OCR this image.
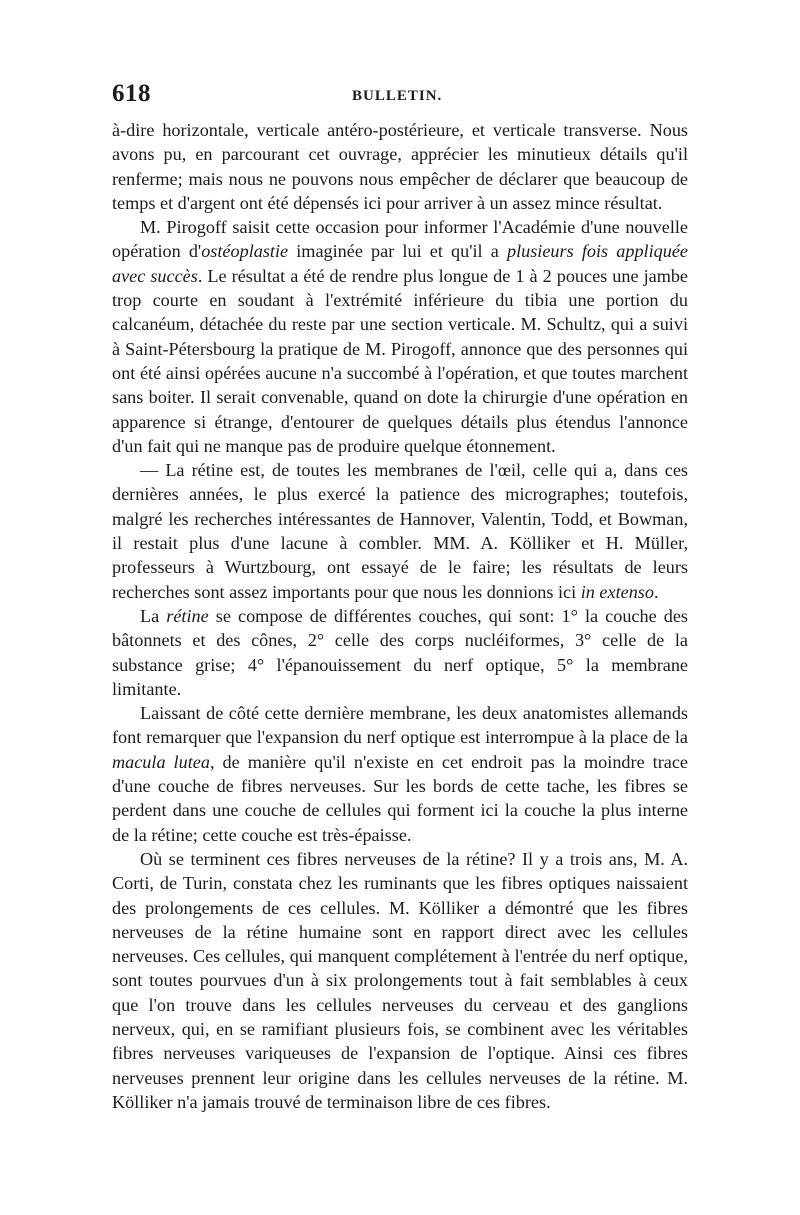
618	BULLETIN.

à-dire horizontale, verticale antéro-postérieure, et verticale transverse. Nous avons pu, en parcourant cet ouvrage, apprécier les minutieux détails qu'il renferme; mais nous ne pouvons nous empêcher de déclarer que beaucoup de temps et d'argent ont été dépensés ici pour arriver à un assez mince résultat.

M. Pirogoff saisit cette occasion pour informer l'Académie d'une nouvelle opération d'ostéoplastie imaginée par lui et qu'il a plusieurs fois appliquée avec succès. Le résultat a été de rendre plus longue de 1 à 2 pouces une jambe trop courte en soudant à l'extrémité inférieure du tibia une portion du calcanéum, détachée du reste par une section verticale. M. Schultz, qui a suivi à Saint-Pétersbourg la pratique de M. Pirogoff, annonce que des personnes qui ont été ainsi opérées aucune n'a succombé à l'opération, et que toutes marchent sans boiter. Il serait convenable, quand on dote la chirurgie d'une opération en apparence si étrange, d'entourer de quelques détails plus étendus l'annonce d'un fait qui ne manque pas de produire quelque étonnement.

— La rétine est, de toutes les membranes de l'œil, celle qui a, dans ces dernières années, le plus exercé la patience des micrographes; toutefois, malgré les recherches intéressantes de Hannover, Valentin, Todd, et Bowman, il restait plus d'une lacune à combler. MM. A. Kölliker et H. Müller, professeurs à Wurtzbourg, ont essayé de le faire; les résultats de leurs recherches sont assez importants pour que nous les donnions ici in extenso.

La rétine se compose de différentes couches, qui sont: 1° la couche des bâtonnets et des cônes, 2° celle des corps nucléiformes, 3° celle de la substance grise; 4° l'épanouissement du nerf optique, 5° la membrane limitante.

Laissant de côté cette dernière membrane, les deux anatomistes allemands font remarquer que l'expansion du nerf optique est interrompue à la place de la macula lutea, de manière qu'il n'existe en cet endroit pas la moindre trace d'une couche de fibres nerveuses. Sur les bords de cette tache, les fibres se perdent dans une couche de cellules qui forment ici la couche la plus interne de la rétine; cette couche est très-épaisse.

Où se terminent ces fibres nerveuses de la rétine? Il y a trois ans, M. A. Corti, de Turin, constata chez les ruminants que les fibres optiques naissaient des prolongements de ces cellules. M. Kölliker a démontré que les fibres nerveuses de la rétine humaine sont en rapport direct avec les cellules nerveuses. Ces cellules, qui manquent complétement à l'entrée du nerf optique, sont toutes pourvues d'un à six prolongements tout à fait semblables à ceux que l'on trouve dans les cellules nerveuses du cerveau et des ganglions nerveux, qui, en se ramifiant plusieurs fois, se combinent avec les véritables fibres nerveuses variqueuses de l'expansion de l'optique. Ainsi ces fibres nerveuses prennent leur origine dans les cellules nerveuses de la rétine. M. Kölliker n'a jamais trouvé de terminaison libre de ces fibres.
